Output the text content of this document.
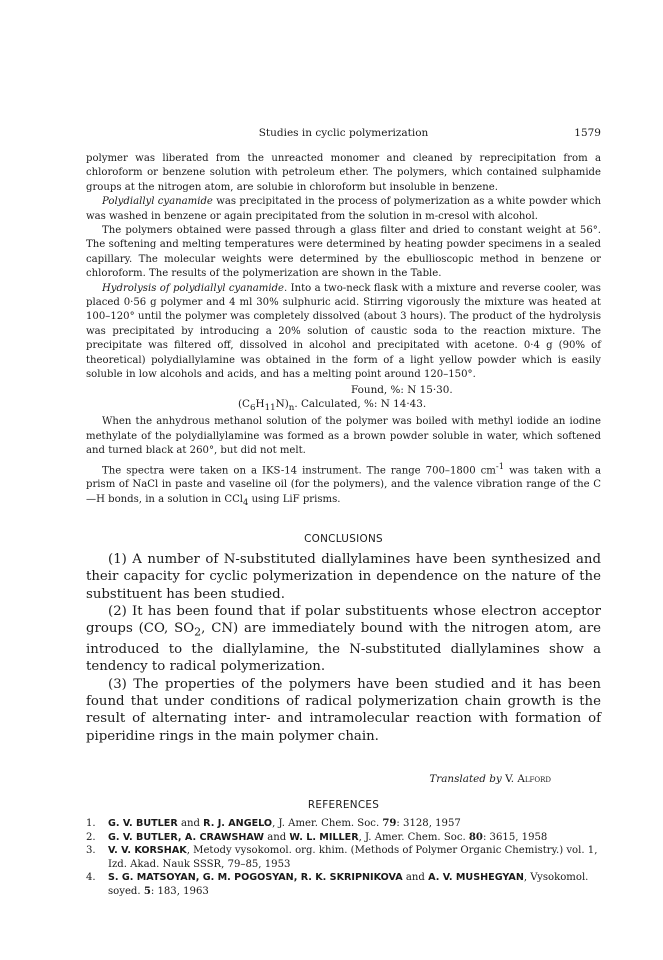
Studies in cyclic polymerization	1579

polymer was liberated from the unreacted monomer and cleaned by reprecipitation from a chloroform or benzene solution with petroleum ether. The polymers, which contained sulphamide groups at the nitrogen atom, are solubie in chloroform but insoluble in benzene.

Polydiallyl cyanamide was precipitated in the process of polymerization as a white powder which was washed in benzene or again precipitated from the solution in m-cresol with alcohol.

The polymers obtained were passed through a glass filter and dried to constant weight at 56°. The softening and melting temperatures were determined by heating powder specimens in a sealed capillary. The molecular weights were determined by the ebullioscopic method in benzene or chloroform. The results of the polymerization are shown in the Table.

Hydrolysis of polydiallyl cyanamide. Into a two-neck flask with a mixture and reverse cooler, was placed 0·56 g polymer and 4 ml 30% sulphuric acid. Stirring vigorously the mixture was heated at 100–120° until the polymer was completely dissolved (about 3 hours). The product of the hydrolysis was precipitated by introducing a 20% solution of caustic soda to the reaction mixture. The precipitate was filtered off, dissolved in alcohol and precipitated with acetone. 0·4 g (90% of theoretical) polydiallylamine was obtained in the form of a light yellow powder which is easily soluble in low alcohols and acids, and has a melting point around 120–150°.

Found, %: N 15·30.

$(C_6H_{11}N)_n$. Calculated, %: N 14·43.

When the anhydrous methanol solution of the polymer was boiled with methyl iodide an iodine methylate of the polydiallylamine was formed as a brown powder soluble in water, which softened and turned black at 260°, but did not melt.

The spectra were taken on a IKS-14 instrument. The range 700–1800 $cm^{-1}$ was taken with a prism of NaCl in paste and vaseline oil (for the polymers), and the valence vibration range of the C—H bonds, in a solution in CCl$_4$ using LiF prisms.

CONCLUSIONS

(1) A number of N-substituted diallylamines have been synthesized and their capacity for cyclic polymerization in dependence on the nature of the substituent has been studied.

(2) It has been found that if polar substituents whose electron acceptor groups (CO, $SO_2$, CN) are immediately bound with the nitrogen atom, are introduced to the diallylamine, the N-substituted diallylamines show a tendency to radical polymerization.

(3) The properties of the polymers have been studied and it has been found that under conditions of radical polymerization chain growth is the result of alternating inter- and intramolecular reaction with formation of piperidine rings in the main polymer chain.

Translated by V. Alford
REFERENCES

1. G. V. BUTLER and R. J. ANGELO, J. Amer. Chem. Soc. 79: 3128, 1957

2. G. V. BUTLER, A. CRAWSHAW and W. L. MILLER, J. Amer. Chem. Soc. 80: 3615, 1958

3. V. V. KORSHAK, Metody vysokomol. org. khim. (Methods of Polymer Organic Chemistry.) vol. 1, Izd. Akad. Nauk SSSR, 79–85, 1953

4. S. G. MATSOYAN, G. M. POGOSYAN, R. K. SKRIPNIKOVA and A. V. MUSHEGYAN, Vysokomol. soyed. 5: 183, 1963
